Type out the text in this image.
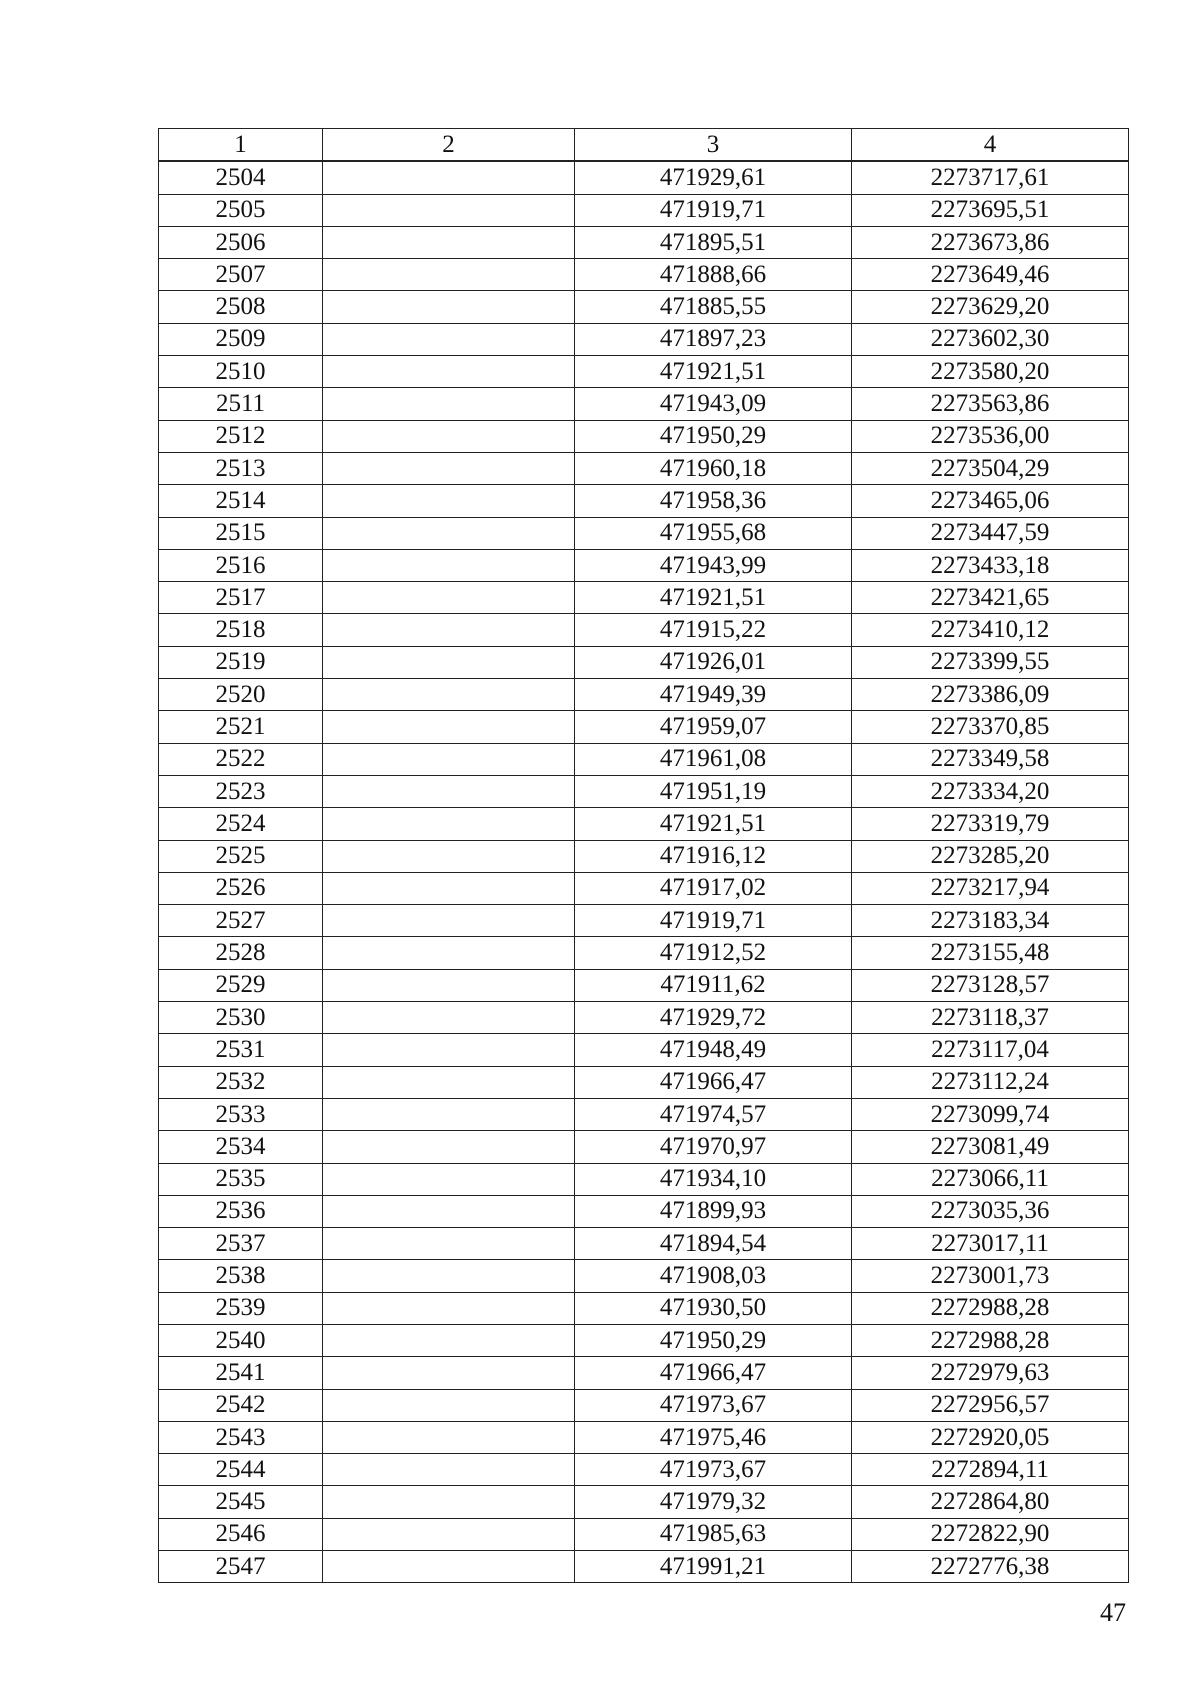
1	2	3	4
2504		471929,61	2273717,61
2505		471919,71	2273695,51
2506		471895,51	2273673,86
2507		471888,66	2273649,46
2508		471885,55	2273629,20
2509		471897,23	2273602,30
2510		471921,51	2273580,20
2511		471943,09	2273563,86
2512		471950,29	2273536,00
2513		471960,18	2273504,29
2514		471958,36	2273465,06
2515		471955,68	2273447,59
2516		471943,99	2273433,18
2517		471921,51	2273421,65
2518		471915,22	2273410,12
2519		471926,01	2273399,55
2520		471949,39	2273386,09
2521		471959,07	2273370,85
2522		471961,08	2273349,58
2523		471951,19	2273334,20
2524		471921,51	2273319,79
2525		471916,12	2273285,20
2526		471917,02	2273217,94
2527		471919,71	2273183,34
2528		471912,52	2273155,48
2529		471911,62	2273128,57
2530		471929,72	2273118,37
2531		471948,49	2273117,04
2532		471966,47	2273112,24
2533		471974,57	2273099,74
2534		471970,97	2273081,49
2535		471934,10	2273066,11
2536		471899,93	2273035,36
2537		471894,54	2273017,11
2538		471908,03	2273001,73
2539		471930,50	2272988,28
2540		471950,29	2272988,28
2541		471966,47	2272979,63
2542		471973,67	2272956,57
2543		471975,46	2272920,05
2544		471973,67	2272894,11
2545		471979,32	2272864,80
2546		471985,63	2272822,90
2547		471991,21	2272776,38
47
